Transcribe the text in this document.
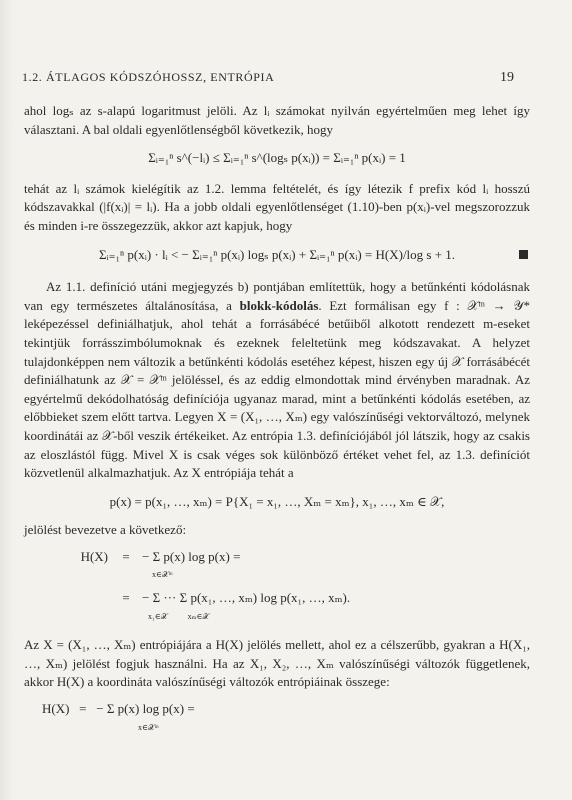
1.2. ÁTLAGOS KÓDSZÓHOSSZ, ENTRÓPIA	19

ahol logₛ az s-alapú logaritmust jelöli. Az lᵢ számokat nyilván egyértelműen meg lehet így választani. A bal oldali egyenlőtlenségből következik, hogy

Σᵢ₌₁ⁿ s^(−lᵢ) ≤ Σᵢ₌₁ⁿ s^(logₛ p(xᵢ)) = Σᵢ₌₁ⁿ p(xᵢ) = 1

tehát az lᵢ számok kielégítik az 1.2. lemma feltételét, és így létezik f prefix kód lᵢ hosszú kódszavakkal (|f(xᵢ)| = lᵢ). Ha a jobb oldali egyenlőtlenséget (1.10)-ben p(xᵢ)-vel megszorozzuk és minden i-re összegezzük, akkor azt kapjuk, hogy

Σᵢ₌₁ⁿ p(xᵢ) · lᵢ < − Σᵢ₌₁ⁿ p(xᵢ) logₛ p(xᵢ) + Σᵢ₌₁ⁿ p(xᵢ) = H(X)/log s + 1.

Az 1.1. definíció utáni megjegyzés b) pontjában említettük, hogy a betűnkénti kódolásnak van egy természetes általánosítása, a blokk-kódolás. Ezt formálisan egy f : 𝒳ᵐ → 𝒴* leképezéssel definiálhatjuk, ahol tehát a forrásábécé betűiből alkotott rendezett m-eseket tekintjük forrásszimbólumoknak és ezeknek feleltetünk meg kódszavakat. A helyzet tulajdonképpen nem változik a betűnkénti kódolás esetéhez képest, hiszen egy új 𝒳 forrásábécét definiálhatunk az 𝒳 = 𝒳ᵐ jelöléssel, és az eddig elmondottak mind érvényben maradnak. Az egyértelmű dekódolhatóság definíciója ugyanaz marad, mint a betűnkénti kódolás esetében, az előbbieket szem előtt tartva. Legyen X = (X₁, …, Xₘ) egy valószínűségi vektorváltozó, melynek koordinátái az 𝒳-ből veszik értékeiket. Az entrópia 1.3. definíciójából jól látszik, hogy az csakis az eloszlástól függ. Mivel X is csak véges sok különböző értéket vehet fel, az 1.3. definíciót közvetlenül alkalmazhatjuk. Az X entrópiája tehát a

p(x) = p(x₁, …, xₘ) = P{X₁ = x₁, …, Xₘ = xₘ}, x₁, …, xₘ ∈ 𝒳,

jelölést bevezetve a következő:

H(X)	= − Σ p(x) log p(x) =
x∈𝒳ᵐ
= − Σ ··· Σ p(x₁, …, xₘ) log p(x₁, …, xₘ).
x₁∈𝒳          xₘ∈𝒳

Az X = (X₁, …, Xₘ) entrópiájára a H(X) jelölés mellett, ahol ez a célszerűbb, gyakran a H(X₁, …, Xₘ) jelölést fogjuk használni. Ha az X₁, X₂, …, Xₘ valószínűségi változók függetlenek, akkor H(X) a koordináta valószínűségi változók entrópiáinak összege:

H(X)   =   − Σ p(x) log p(x) =
x∈𝒳ᵐ
